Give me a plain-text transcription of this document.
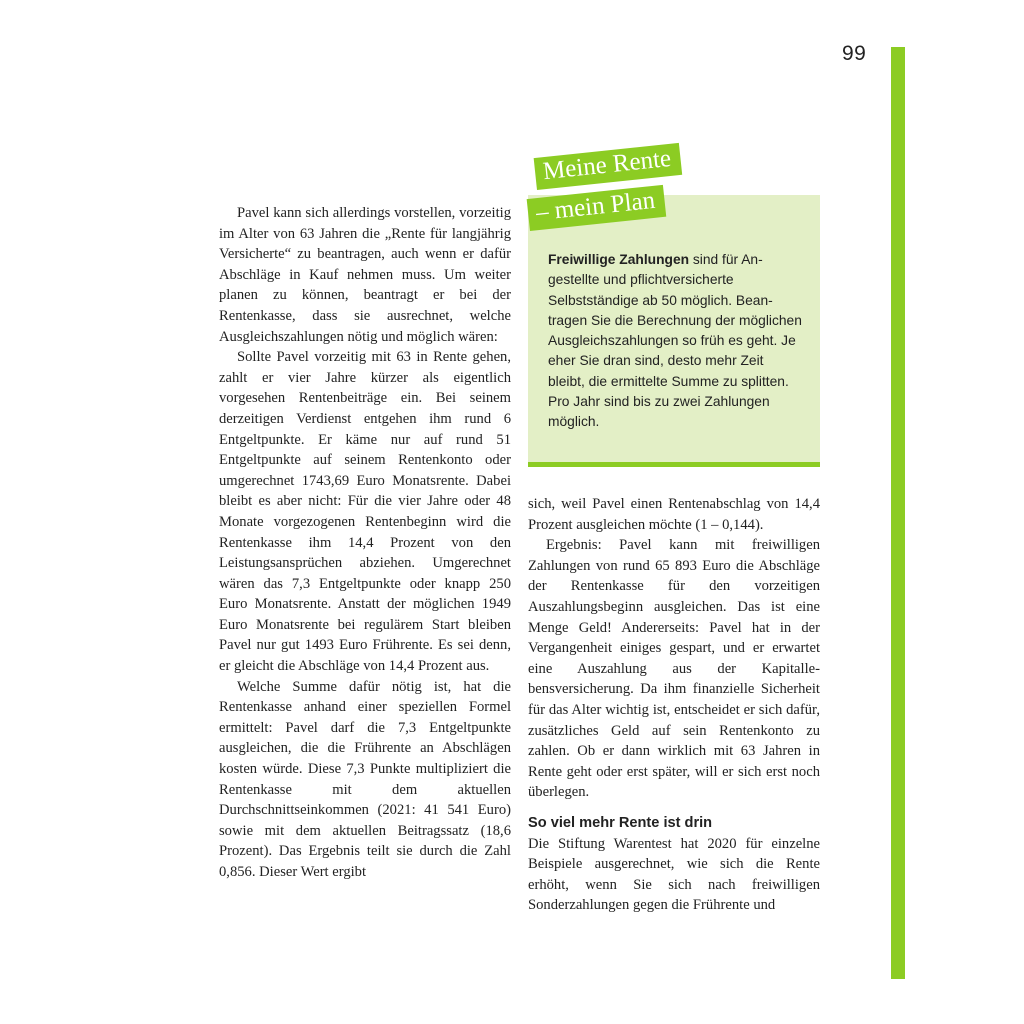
99

Pavel kann sich allerdings vorstellen, vorzeitig im Alter von 63 Jahren die „Rente für langjährig Versicherte“ zu beantragen, auch wenn er dafür Abschläge in Kauf nehmen muss. Um weiter planen zu können, beantragt er bei der Rentenkasse, dass sie ausrechnet, welche Ausgleichszahlungen nötig und möglich wären:

Sollte Pavel vorzeitig mit 63 in Rente gehen, zahlt er vier Jahre kürzer als eigentlich vorgesehen Rentenbeiträge ein. Bei seinem derzeitigen Verdienst entgehen ihm rund 6 Entgeltpunkte. Er käme nur auf rund 51 Entgeltpunkte auf seinem Rentenkonto oder umgerechnet 1743,69 Euro Monatsrente. Dabei bleibt es aber nicht: Für die vier Jahre oder 48 Monate vorgezogenen Rentenbeginn wird die Rentenkasse ihm 14,4 Prozent von den Leistungsansprüchen abziehen. Umgerechnet wären das 7,3 Entgeltpunkte oder knapp 250 Euro Monatsrente. Anstatt der möglichen 1949 Euro Monatsrente bei regulärem Start bleiben Pavel nur gut 1493 Euro Frührente. Es sei denn, er gleicht die Abschläge von 14,4 Prozent aus.

Welche Summe dafür nötig ist, hat die Rentenkasse anhand einer speziellen Formel ermittelt: Pavel darf die 7,3 Entgeltpunkte ausgleichen, die die Frührente an Abschlägen kosten würde. Diese 7,3 Punkte multipliziert die Rentenkasse mit dem aktuellen Durchschnittseinkommen (2021: 41 541 Euro) sowie mit dem aktuellen Beitragssatz (18,6 Prozent). Das Ergebnis teilt sie durch die Zahl 0,856. Dieser Wert ergibt

Freiwillige Zahlungen sind für Angestellte und pflichtversicherte Selbstständige ab 50 möglich. Beantragen Sie die Berechnung der möglichen Ausgleichszahlungen so früh es geht. Je eher Sie dran sind, desto mehr Zeit bleibt, die ermittelte Summe zu splitten. Pro Jahr sind bis zu zwei Zahlungen möglich.
Meine Rente
– mein Plan

sich, weil Pavel einen Rentenabschlag von 14,4 Prozent ausgleichen möchte (1 – 0,144).

Ergebnis: Pavel kann mit freiwilligen Zahlungen von rund 65 893 Euro die Abschläge der Rentenkasse für den vorzeitigen Auszahlungsbeginn ausgleichen. Das ist eine Menge Geld! Andererseits: Pavel hat in der Vergangenheit einiges gespart, und er erwartet eine Auszahlung aus der Kapitallebensversicherung. Da ihm finanzielle Sicherheit für das Alter wichtig ist, entscheidet er sich dafür, zusätzliches Geld auf sein Rentenkonto zu zahlen. Ob er dann wirklich mit 63 Jahren in Rente geht oder erst später, will er sich erst noch überlegen.

So viel mehr Rente ist drin

Die Stiftung Warentest hat 2020 für einzelne Beispiele ausgerechnet, wie sich die Rente erhöht, wenn Sie sich nach freiwilligen Sonderzahlungen gegen die Frührente und
